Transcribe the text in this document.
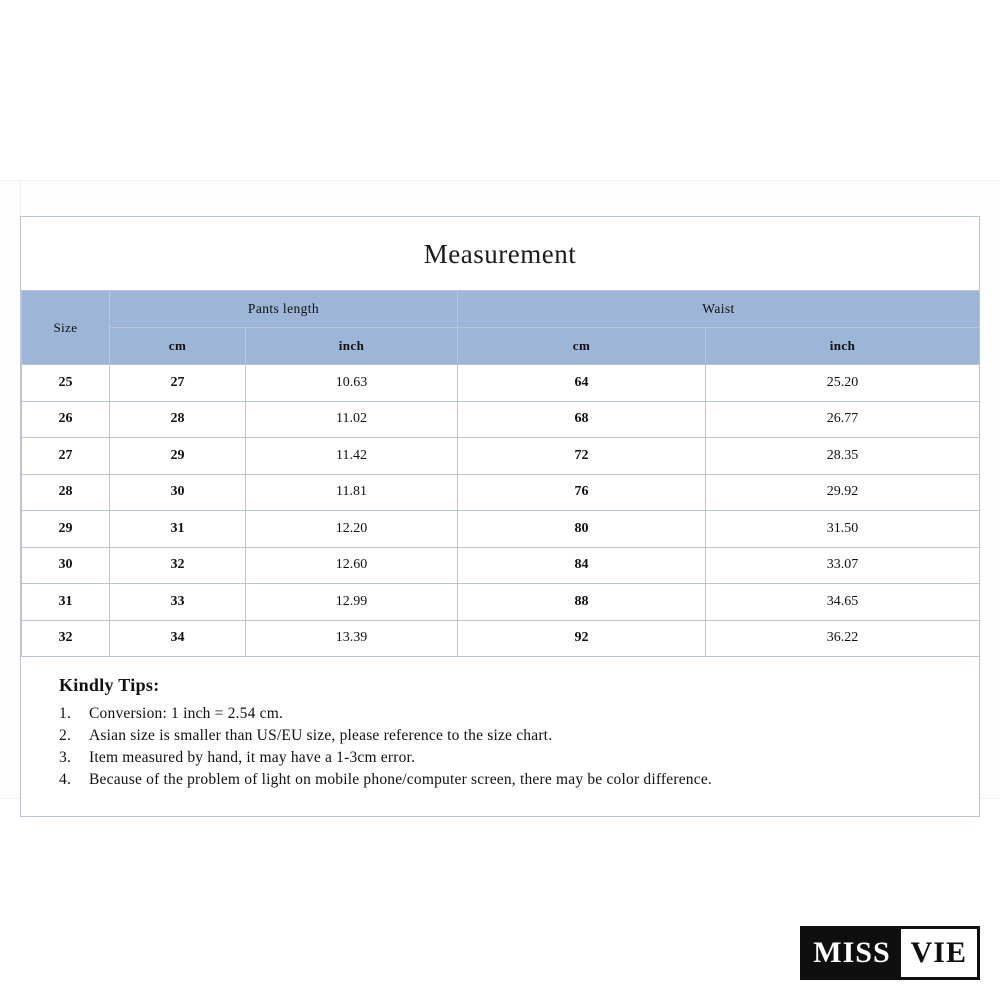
Measurement
Size	Pants length		Waist	
	cm	inch	cm	inch
25	27	10.63	64	25.20
26	28	11.02	68	26.77
27	29	11.42	72	28.35
28	30	11.81	76	29.92
29	31	12.20	80	31.50
30	32	12.60	84	33.07
31	33	12.99	88	34.65
32	34	13.39	92	36.22
Kindly Tips:
1.	Conversion: 1 inch = 2.54 cm.
2.	Asian size is smaller than US/EU size, please reference to the size chart.
3.	Item measured by hand, it may have a 1-3cm error.
4.	Because of the problem of light on mobile phone/computer screen, there may be color difference.
MISS VIE
